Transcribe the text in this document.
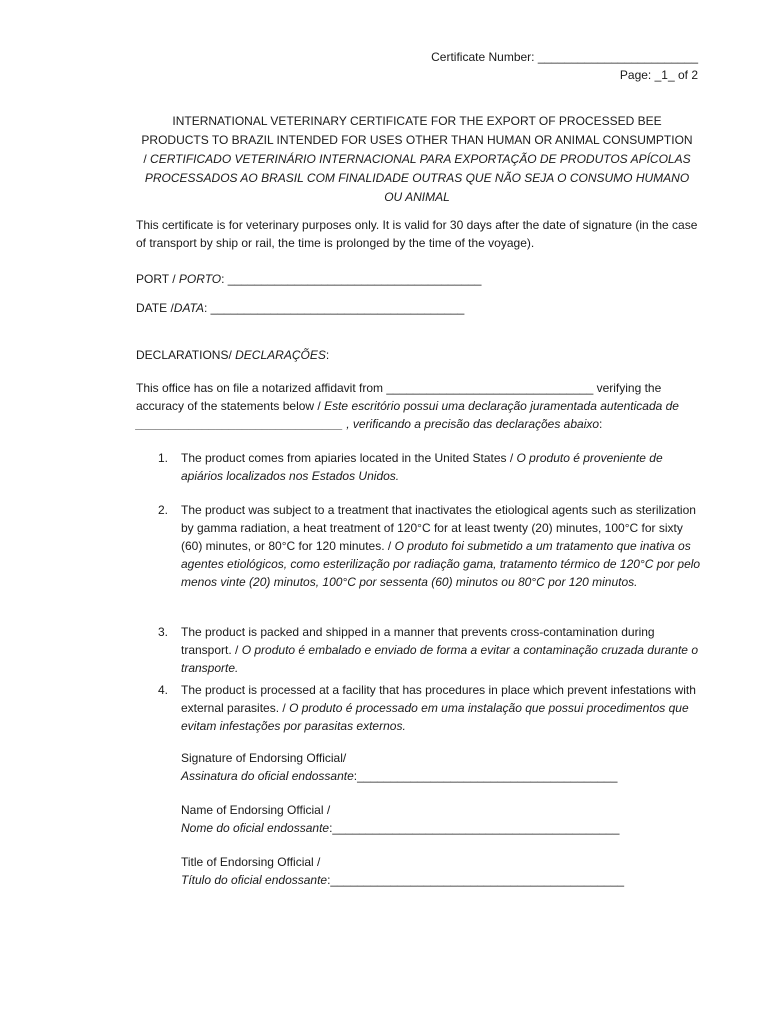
Certificate Number: ________________________
Page: _1_ of 2
INTERNATIONAL VETERINARY CERTIFICATE FOR THE EXPORT OF PROCESSED BEE PRODUCTS TO BRAZIL INTENDED FOR USES OTHER THAN HUMAN OR ANIMAL CONSUMPTION / CERTIFICADO VETERINÁRIO INTERNACIONAL PARA EXPORTAÇÃO DE PRODUTOS APÍCOLAS PROCESSADOS AO BRASIL COM FINALIDADE OUTRAS QUE NÃO SEJA O CONSUMO HUMANO OU ANIMAL
This certificate is for veterinary purposes only. It is valid for 30 days after the date of signature (in the case of transport by ship or rail, the time is prolonged by the time of the voyage).
PORT / PORTO: ______________________________________
DATE /DATA: ______________________________________
DECLARATIONS/ DECLARAÇÕES:
This office has on file a notarized affidavit from _______________________________ verifying the accuracy of the statements below / Este escritório possui uma declaração juramentada autenticada de _______________________________ , verificando a precisão das declarações abaixo:
1. The product comes from apiaries located in the United States / O produto é proveniente de apiários localizados nos Estados Unidos.
2. The product was subject to a treatment that inactivates the etiological agents such as sterilization by gamma radiation, a heat treatment of 120°C for at least twenty (20) minutes, 100°C for sixty (60) minutes, or 80°C for 120 minutes. / O produto foi submetido a um tratamento que inativa os agentes etiológicos, como esterilização por radiação gama, tratamento térmico de 120°C por pelo menos vinte (20) minutos, 100°C por sessenta (60) minutos ou 80°C por 120 minutos.
3. The product is packed and shipped in a manner that prevents cross-contamination during transport. / O produto é embalado e enviado de forma a evitar a contaminação cruzada durante o transporte.
4. The product is processed at a facility that has procedures in place which prevent infestations with external parasites. / O produto é processado em uma instalação que possui procedimentos que evitam infestações por parasitas externos.
Signature of Endorsing Official/
Assinatura do oficial endossante:_______________________________________
Name of Endorsing Official /
Nome do oficial endossante:___________________________________________
Title of Endorsing Official /
Título do oficial endossante:____________________________________________
